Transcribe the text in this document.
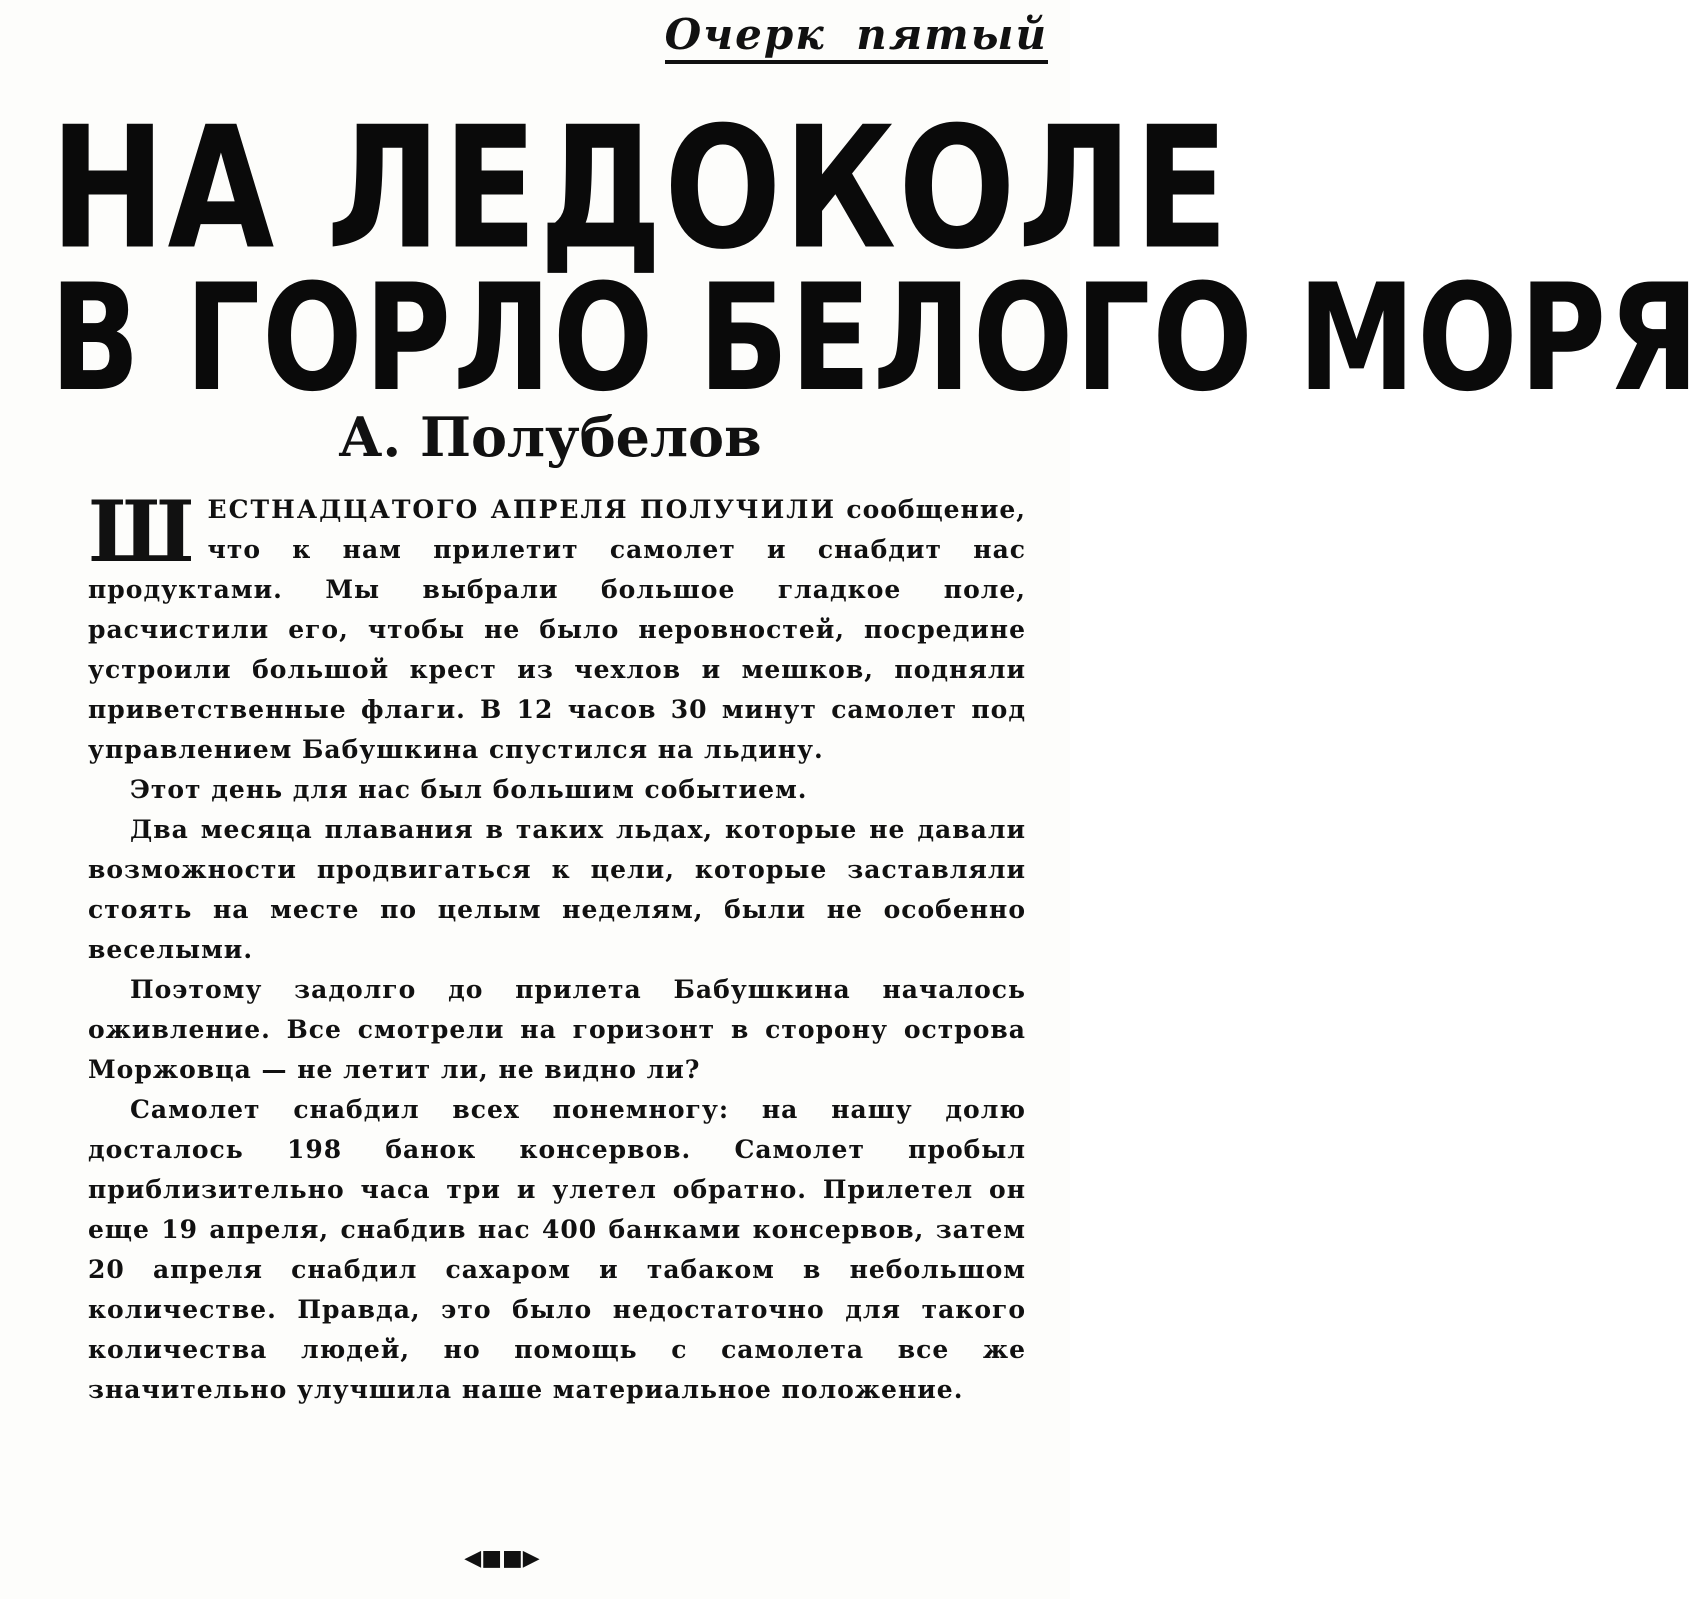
Очерк пятый
НА ЛЕДОКОЛЕ
В ГОРЛО БЕЛОГО МОРЯ
А. Полубелов

Ш ЕСТНАДЦАТОГО АПРЕЛЯ ПОЛУЧИЛИ сообщение, что к нам прилетит самолет и снабдит нас продуктами. Мы выбрали большое гладкое поле, расчистили его, чтобы не было неровностей, посредине устроили большой крест из чехлов и мешков, подняли приветственные флаги. В 12 часов 30 минут самолет под управлением Бабушкина спустился на льдину.

Этот день для нас был большим событием.

Два месяца плавания в таких льдах, которые не давали возможности продвигаться к цели, которые заставляли стоять на месте по целым неделям, были не особенно веселыми.

Поэтому задолго до прилета Бабушкина началось оживление. Все смотрели на горизонт в сторону острова Моржовца — не летит ли, не видно ли?

Самолет снабдил всех понемногу: на нашу долю досталось 198 банок консервов. Самолет пробыл приблизительно часа три и улетел обратно. Прилетел он еще 19 апреля, снабдив нас 400 банками консервов, затем 20 апреля снабдил сахаром и табаком в небольшом количестве. Правда, это было недостаточно для такого количества людей, но помощь с самолета все же значительно улучшила наше материальное положение.

◀■■▶
